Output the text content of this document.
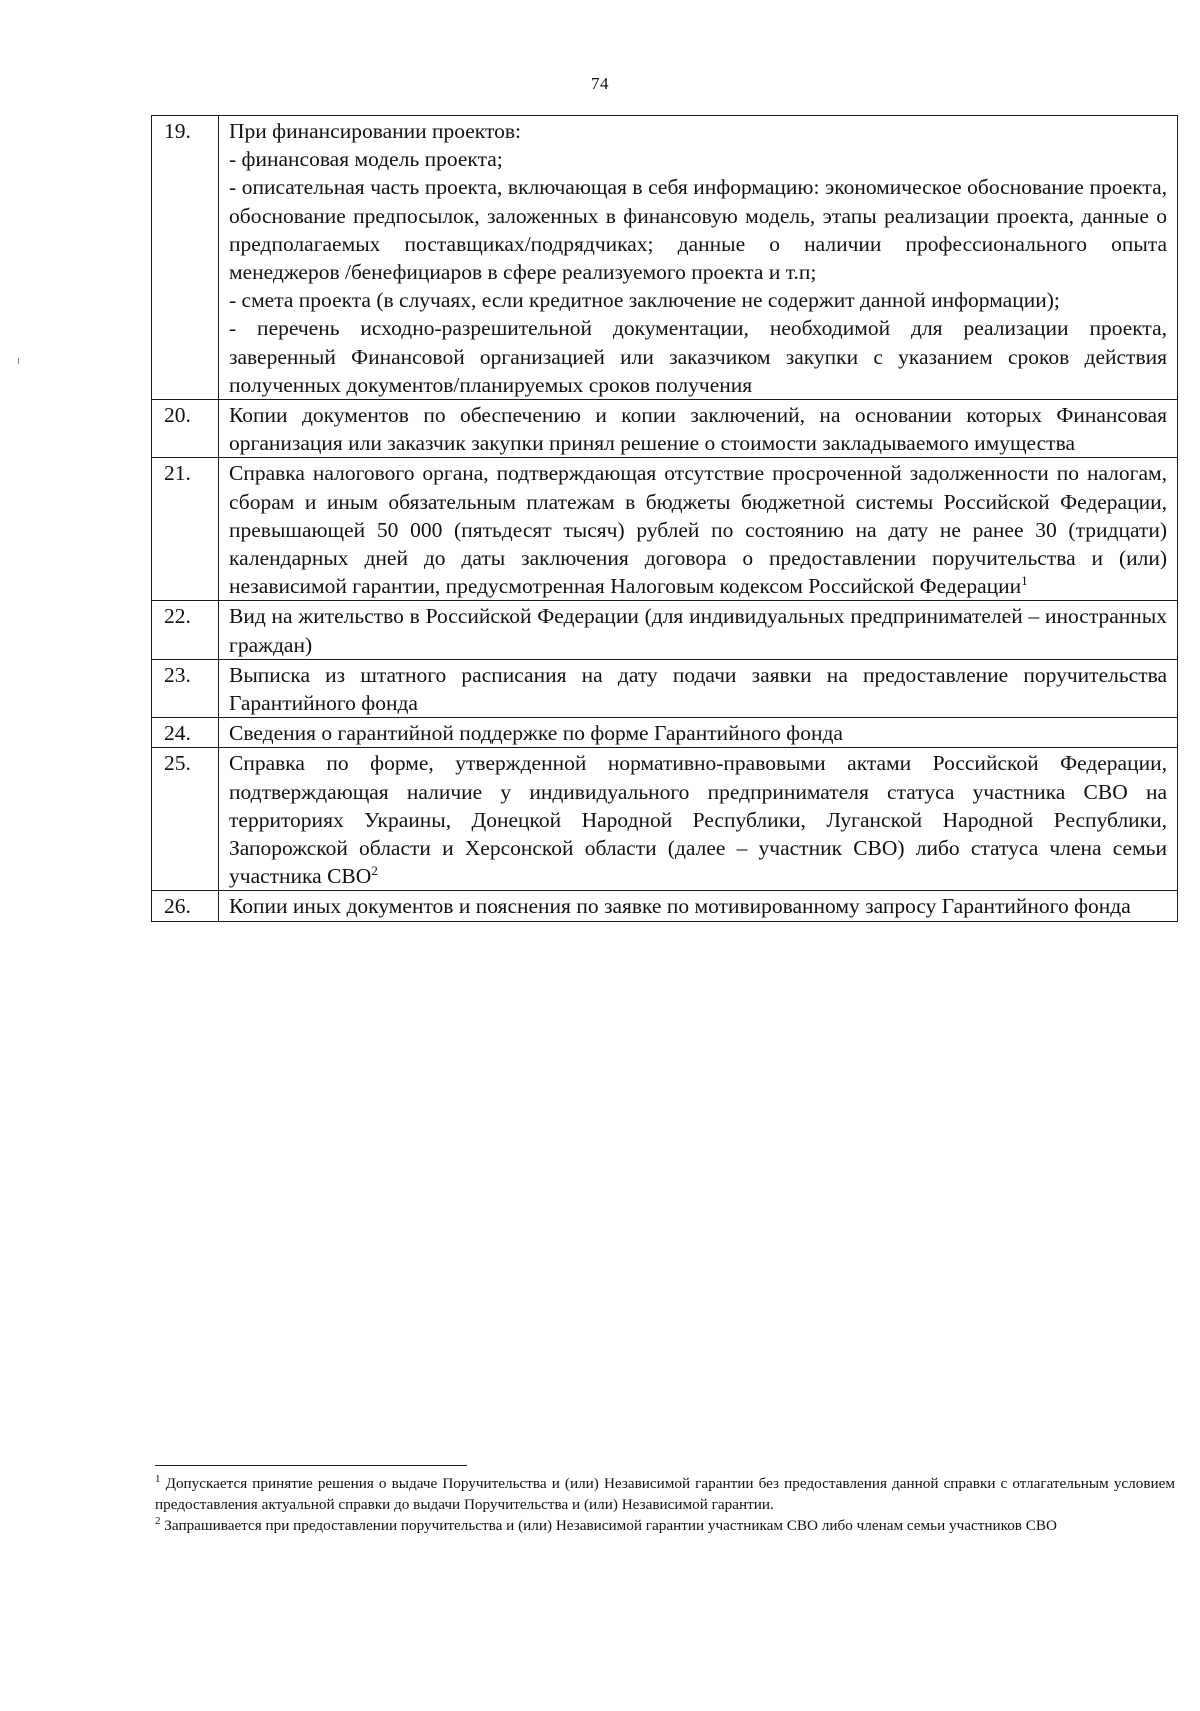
74
19.	При финансировании проектов:

- финансовая модель проекта;

- описательная часть проекта, включающая в себя информацию: экономическое обоснование проекта, обоснование предпосылок, заложенных в финансовую модель, этапы реализации проекта, данные о предполагаемых поставщиках/подрядчиках; данные о наличии профессионального опыта менеджеров /бенефициаров в сфере реализуемого проекта и т.п;

- смета проекта (в случаях, если кредитное заключение не содержит данной информации);

- перечень исходно-разрешительной документации, необходимой для реализации проекта, заверенный Финансовой организацией или заказчиком закупки с указанием сроков действия полученных документов/планируемых сроков получения

20.	Копии документов по обеспечению и копии заключений, на основании которых Финансовая организация или заказчик закупки принял решение о стоимости закладываемого имущества

21.	Справка налогового органа, подтверждающая отсутствие просроченной задолженности по налогам, сборам и иным обязательным платежам в бюджеты бюджетной системы Российской Федерации, превышающей 50 000 (пятьдесят тысяч) рублей по состоянию на дату не ранее 30 (тридцати) календарных дней до даты заключения договора о предоставлении поручительства и (или) независимой гарантии, предусмотренная Налоговым кодексом Российской Федерации$^1$

22.	Вид на жительство в Российской Федерации (для индивидуальных предпринимателей – иностранных граждан)

23.	Выписка из штатного расписания на дату подачи заявки на предоставление поручительства Гарантийного фонда

24.	Сведения о гарантийной поддержке по форме Гарантийного фонда

25.	Справка по форме, утвержденной нормативно-правовыми актами Российской Федерации, подтверждающая наличие у индивидуального предпринимателя статуса участника СВО на территориях Украины, Донецкой Народной Республики, Луганской Народной Республики, Запорожской области и Херсонской области (далее – участник СВО) либо статуса члена семьи участника СВО$^2$

26.	Копии иных документов и пояснения по заявке по мотивированному запросу Гарантийного фонда

$^1$ Допускается принятие решения о выдаче Поручительства и (или) Независимой гарантии без предоставления данной справки с отлагательным условием предоставления актуальной справки до выдачи Поручительства и (или) Независимой гарантии.

$^2$ Запрашивается при предоставлении поручительства и (или) Независимой гарантии участникам СВО либо членам семьи участников СВО
